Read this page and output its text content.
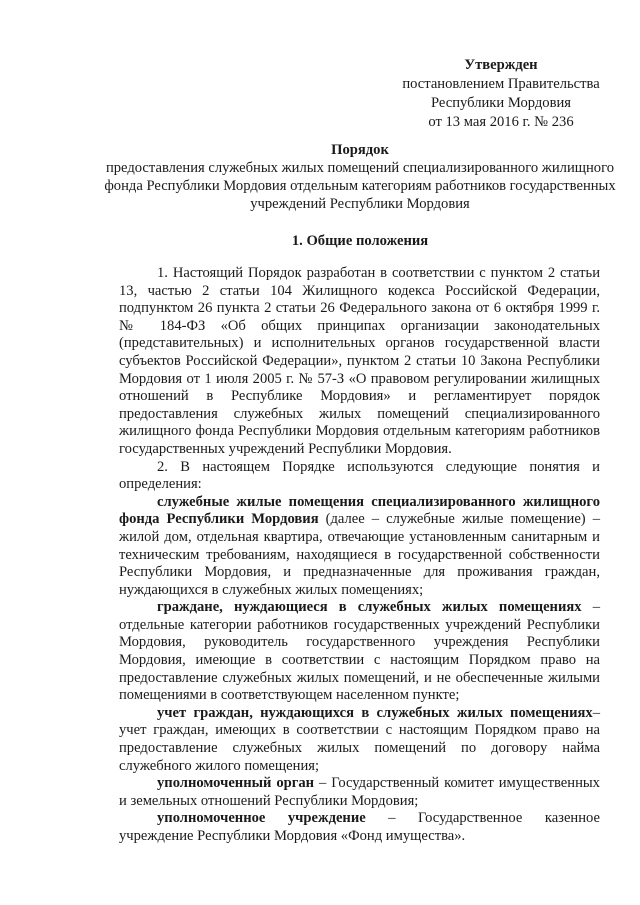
Утвержден
постановлением Правительства
Республики Мордовия
от 13 мая 2016 г. № 236
Порядок
предоставления служебных жилых помещений специализированного жилищного фонда Республики Мордовия отдельным категориям работников государственных учреждений Республики Мордовия
1. Общие положения

1. Настоящий Порядок разработан в соответствии с пунктом 2 статьи 13, частью 2 статьи 104 Жилищного кодекса Российской Федерации, подпунктом 26 пункта 2 статьи 26 Федерального закона от 6 октября 1999 г. № 184-ФЗ «Об общих принципах организации законодательных (представительных) и исполнительных органов государственной власти субъектов Российской Федерации», пунктом 2 статьи 10 Закона Республики Мордовия от 1 июля 2005 г. № 57-З «О правовом регулировании жилищных отношений в Республике Мордовия» и регламентирует порядок предоставления служебных жилых помещений специализированного жилищного фонда Республики Мордовия отдельным категориям работников государственных учреждений Республики Мордовия.

2. В настоящем Порядке используются следующие понятия и определения:

служебные жилые помещения специализированного жилищного фонда Республики Мордовия (далее – служебные жилые помещение) – жилой дом, отдельная квартира, отвечающие установленным санитарным и техническим требованиям, находящиеся в государственной собственности Республики Мордовия, и предназначенные для проживания граждан, нуждающихся в служебных жилых помещениях;

граждане, нуждающиеся в служебных жилых помещениях – отдельные категории работников государственных учреждений Республики Мордовия, руководитель государственного учреждения Республики Мордовия, имеющие в соответствии с настоящим Порядком право на предоставление служебных жилых помещений, и не обеспеченные жилыми помещениями в соответствующем населенном пункте;

учет граждан, нуждающихся в служебных жилых помещениях– учет граждан, имеющих в соответствии с настоящим Порядком право на предоставление служебных жилых помещений по договору найма служебного жилого помещения;

уполномоченный орган – Государственный комитет имущественных и земельных отношений Республики Мордовия;

уполномоченное учреждение – Государственное казенное учреждение Республики Мордовия «Фонд имущества».
